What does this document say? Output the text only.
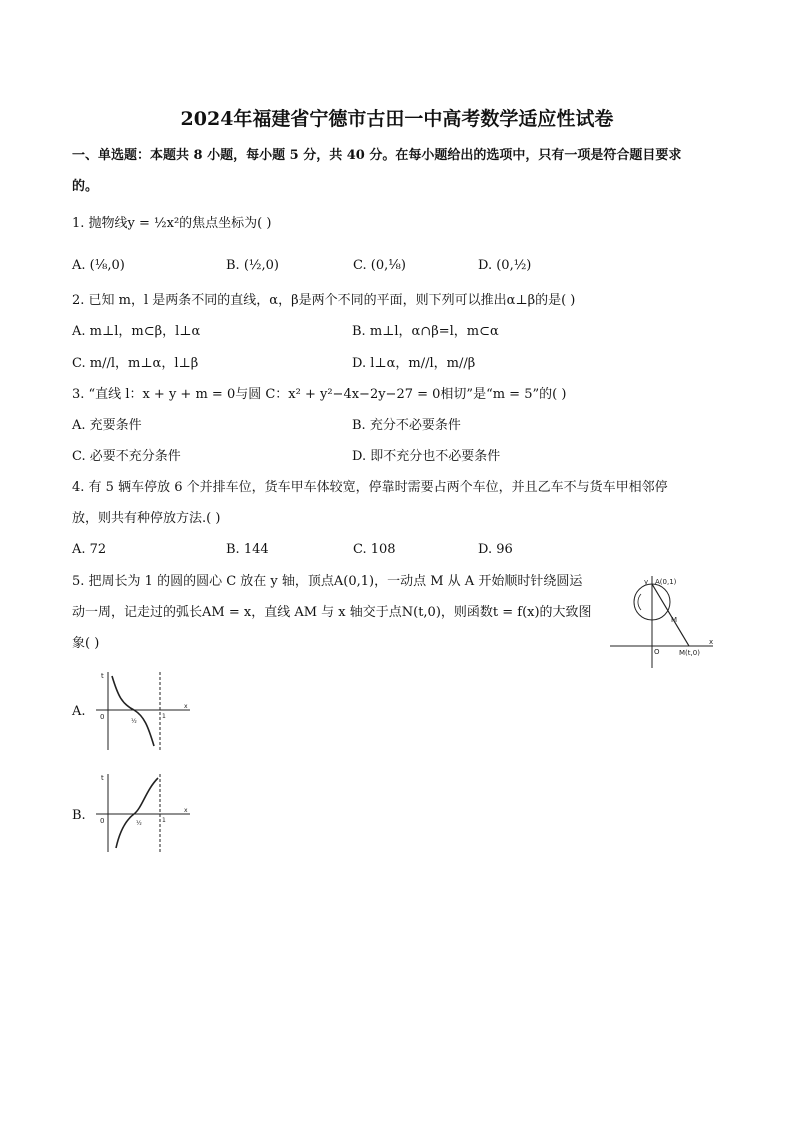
2024年福建省宁德市古田一中高考数学适应性试卷
一、单选题：本题共 8 小题，每小题 5 分，共 40 分。在每小题给出的选项中，只有一项是符合题目要求
的。
1. 抛物线y = ½x²的焦点坐标为( )
A. (⅛,0)	B. (½,0)	C. (0,⅛)	D. (0,½)
2. 已知 m，l 是两条不同的直线，α，β是两个不同的平面，则下列可以推出α⊥β的是( )
A. m⊥l，m⊂β，l⊥α	B. m⊥l，α∩β=l，m⊂α
C. m//l，m⊥α，l⊥β	D. l⊥α，m//l，m//β
3. “直线 l：x + y + m = 0与圆 C：x² + y²−4x−2y−27 = 0相切”是“m = 5”的( )
A. 充要条件	B. 充分不必要条件
C. 必要不充分条件	D. 即不充分也不必要条件
4. 有 5 辆车停放 6 个并排车位，货车甲车体较宽，停靠时需要占两个车位，并且乙车不与货车甲相邻停
放，则共有种停放方法.( )
A. 72	B. 144	C. 108	D. 96
5. 把周长为 1 的圆的圆心 C 放在 y 轴，顶点A(0,1)，一动点 M 从 A 开始顺时针绕圆运
动一周，记走过的弧长AM = x，直线 AM 与 x 轴交于点N(t,0)，则函数t = f(x)的大致图
象( )
y A(0,1)
M
x
O	M(t,0)
A.
t
0
½
1
x
B.
t
0	½	1
x
